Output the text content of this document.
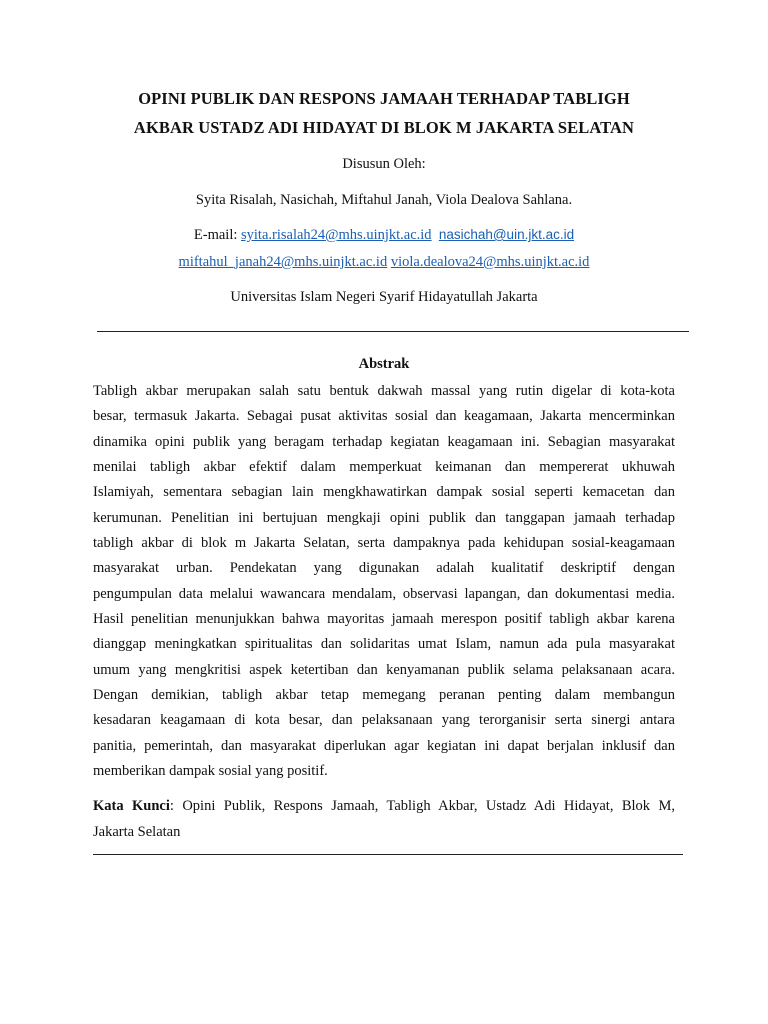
OPINI PUBLIK DAN RESPONS JAMAAH TERHADAP TABLIGH
AKBAR USTADZ ADI HIDAYAT DI BLOK M JAKARTA SELATAN
Disusun Oleh:
Syita Risalah, Nasichah, Miftahul Janah, Viola Dealova Sahlana.
E-mail: syita.risalah24@mhs.uinjkt.ac.id nasichah@uin.jkt.ac.id
miftahul_janah24@mhs.uinjkt.ac.id viola.dealova24@mhs.uinjkt.ac.id
Universitas Islam Negeri Syarif Hidayatullah Jakarta
Abstrak
Tabligh akbar merupakan salah satu bentuk dakwah massal yang rutin digelar di kota-kota
besar, termasuk Jakarta. Sebagai pusat aktivitas sosial dan keagamaan, Jakarta mencerminkan
dinamika opini publik yang beragam terhadap kegiatan keagamaan ini. Sebagian masyarakat
menilai tabligh akbar efektif dalam memperkuat keimanan dan mempererat ukhuwah
Islamiyah, sementara sebagian lain mengkhawatirkan dampak sosial seperti kemacetan dan
kerumunan. Penelitian ini bertujuan mengkaji opini publik dan tanggapan jamaah terhadap
tabligh akbar di blok m Jakarta Selatan, serta dampaknya pada kehidupan sosial-keagamaan
masyarakat urban. Pendekatan yang digunakan adalah kualitatif deskriptif dengan
pengumpulan data melalui wawancara mendalam, observasi lapangan, dan dokumentasi media.
Hasil penelitian menunjukkan bahwa mayoritas jamaah merespon positif tabligh akbar karena
dianggap meningkatkan spiritualitas dan solidaritas umat Islam, namun ada pula masyarakat
umum yang mengkritisi aspek ketertiban dan kenyamanan publik selama pelaksanaan acara.
Dengan demikian, tabligh akbar tetap memegang peranan penting dalam membangun
kesadaran keagamaan di kota besar, dan pelaksanaan yang terorganisir serta sinergi antara
panitia, pemerintah, dan masyarakat diperlukan agar kegiatan ini dapat berjalan inklusif dan
memberikan dampak sosial yang positif.
Kata Kunci: Opini Publik, Respons Jamaah, Tabligh Akbar, Ustadz Adi Hidayat, Blok M,
Jakarta Selatan
